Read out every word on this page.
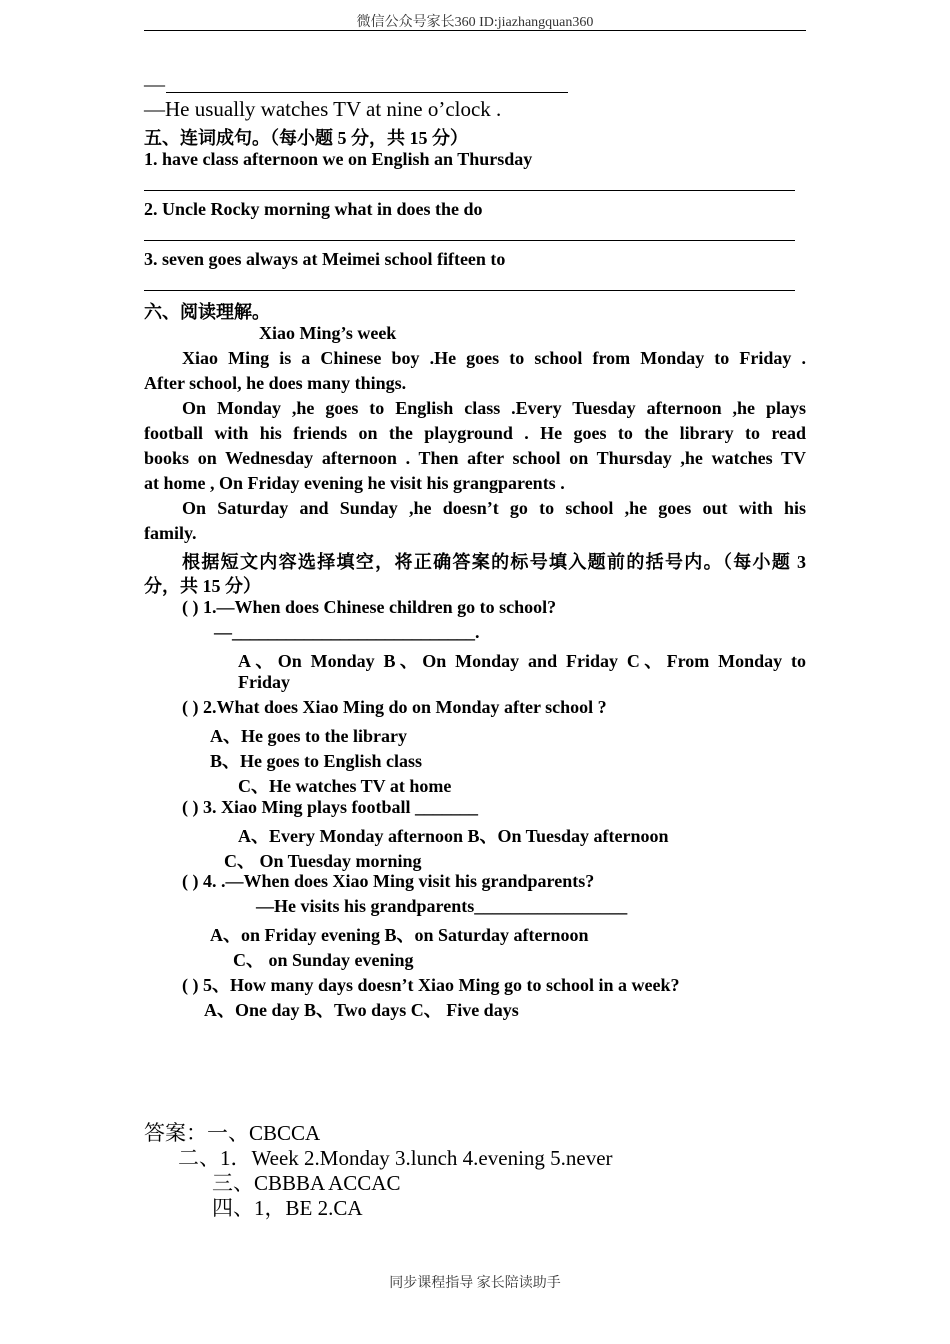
微信公众号家长360 ID:jiazhangquan360
—
—He usually watches TV at nine o’clock .
五、连词成句。（每小题 5 分，共 15 分）
1. have class afternoon we on English an Thursday
2. Uncle Rocky morning what in does the do
3. seven goes always at Meimei school fifteen to
六、阅读理解。
Xiao Ming’s week
Xiao Ming is a Chinese boy .He goes to school from Monday to Friday .
After school, he does many things.
On Monday ,he goes to English class .Every Tuesday afternoon ,he plays
football with his friends on the playground . He goes to the library to read
books on Wednesday afternoon . Then after school on Thursday ,he watches TV
at home , On Friday evening he visit his grangparents .
On Saturday and Sunday ,he doesn’t go to school ,he goes out with his
family.
根据短文内容选择填空，将正确答案的标号填入题前的括号内。（每小题 3
分，共 15 分）
( ) 1.—When does Chinese children go to school?
—___________________________.
A、On Monday B、On Monday and Friday C、From Monday to
Friday
( ) 2.What does Xiao Ming do on Monday after school ?
A、He goes to the library
B、He goes to English class
C、He watches TV at home
( ) 3. Xiao Ming plays football _______
A、Every Monday afternoon B、On Tuesday afternoon
C、 On Tuesday morning
( ) 4. .—When does Xiao Ming visit his grandparents?
—He visits his grandparents_________________
A、on Friday evening B、on Saturday afternoon
C、 on Sunday evening
( ) 5、How many days doesn’t Xiao Ming go to school in a week?
A、One day B、Two days C、 Five days
答案：一、CBCCA
二、1．Week 2.Monday 3.lunch 4.evening 5.never
三、CBBBA ACCAC
四、1，BE 2.CA
同步课程指导 家长陪读助手
